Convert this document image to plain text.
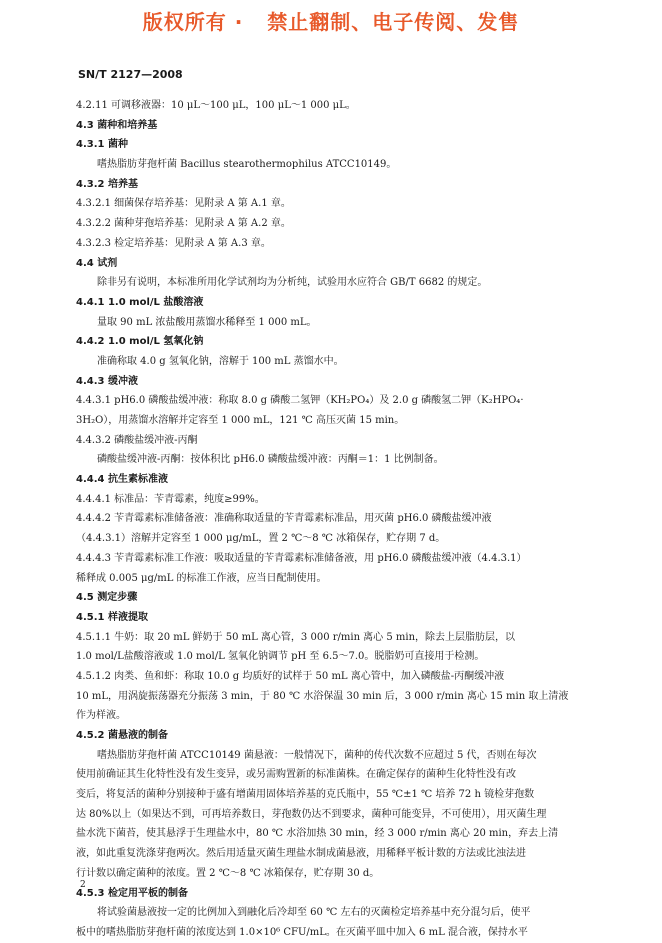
版权所有 ·   禁止翻制、电子传阅、发售
SN/T 2127—2008
4.2.11 可调移液器：10 μL～100 μL，100 μL～1 000 μL。
4.3 菌种和培养基
4.3.1 菌种
嗜热脂肪芽孢杆菌 Bacillus stearothermophilus ATCC10149。
4.3.2 培养基
4.3.2.1 细菌保存培养基：见附录 A 第 A.1 章。
4.3.2.2 菌种芽孢培养基：见附录 A 第 A.2 章。
4.3.2.3 检定培养基：见附录 A 第 A.3 章。
4.4 试剂
除非另有说明，本标准所用化学试剂均为分析纯，试验用水应符合 GB/T 6682 的规定。
4.4.1 1.0 mol/L 盐酸溶液
量取 90 mL 浓盐酸用蒸馏水稀释至 1 000 mL。
4.4.2 1.0 mol/L 氢氧化钠
准确称取 4.0 g 氢氧化钠，溶解于 100 mL 蒸馏水中。
4.4.3 缓冲液
4.4.3.1 pH6.0 磷酸盐缓冲液：称取 8.0 g 磷酸二氢钾（KH₂PO₄）及 2.0 g 磷酸氢二钾（K₂HPO₄·
3H₂O），用蒸馏水溶解并定容至 1 000 mL，121 ℃ 高压灭菌 15 min。
4.4.3.2 磷酸盐缓冲液-丙酮
磷酸盐缓冲液-丙酮：按体积比 pH6.0 磷酸盐缓冲液：丙酮＝1：1 比例制备。
4.4.4 抗生素标准液
4.4.4.1 标准品：苄青霉素，纯度≥99%。
4.4.4.2 苄青霉素标准储备液：准确称取适量的苄青霉素标准品，用灭菌 pH6.0 磷酸盐缓冲液
（4.4.3.1）溶解并定容至 1 000 μg/mL，置 2 ℃～8 ℃ 冰箱保存，贮存期 7 d。
4.4.4.3 苄青霉素标准工作液：吸取适量的苄青霉素标准储备液，用 pH6.0 磷酸盐缓冲液（4.4.3.1）
稀释成 0.005 μg/mL 的标准工作液，应当日配制使用。
4.5 测定步骤
4.5.1 样液提取
4.5.1.1 牛奶：取 20 mL 鲜奶于 50 mL 离心管，3 000 r/min 离心 5 min，除去上层脂肪层，以
1.0 mol/L盐酸溶液或 1.0 mol/L 氢氧化钠调节 pH 至 6.5～7.0。脱脂奶可直接用于检测。
4.5.1.2 肉类、鱼和虾：称取 10.0 g 均质好的试样于 50 mL 离心管中，加入磷酸盐-丙酮缓冲液
10 mL，用涡旋振荡器充分振荡 3 min，于 80 ℃ 水浴保温 30 min 后，3 000 r/min 离心 15 min 取上清液
作为样液。
4.5.2 菌悬液的制备
嗜热脂肪芽孢杆菌 ATCC10149 菌悬液：一般情况下，菌种的传代次数不应超过 5 代，否则在每次
使用前确证其生化特性没有发生变异，或另需购置新的标准菌株。在确定保存的菌种生化特性没有改
变后，将复活的菌种分别接种于盛有增菌用固体培养基的克氏瓶中，55 ℃±1 ℃ 培养 72 h 镜检芽孢数
达 80%以上（如果达不到，可再培养数日，芽孢数仍达不到要求，菌种可能变异，不可使用），用灭菌生理
盐水洗下菌苔，使其悬浮于生理盐水中，80 ℃ 水浴加热 30 min，经 3 000 r/min 离心 20 min，弃去上清
液，如此重复洗涤芽孢两次。然后用适量灭菌生理盐水制成菌悬液，用稀释平板计数的方法或比浊法进
行计数以确定菌种的浓度。置 2 ℃～8 ℃ 冰箱保存，贮存期 30 d。
4.5.3 检定用平板的制备
将试验菌悬液按一定的比例加入到融化后冷却至 60 ℃ 左右的灭菌检定培养基中充分混匀后，使平
板中的嗜热脂肪芽孢杆菌的浓度达到 1.0×10⁶ CFU/mL。在灭菌平皿中加入 6 mL 混合液，保持水平
2
